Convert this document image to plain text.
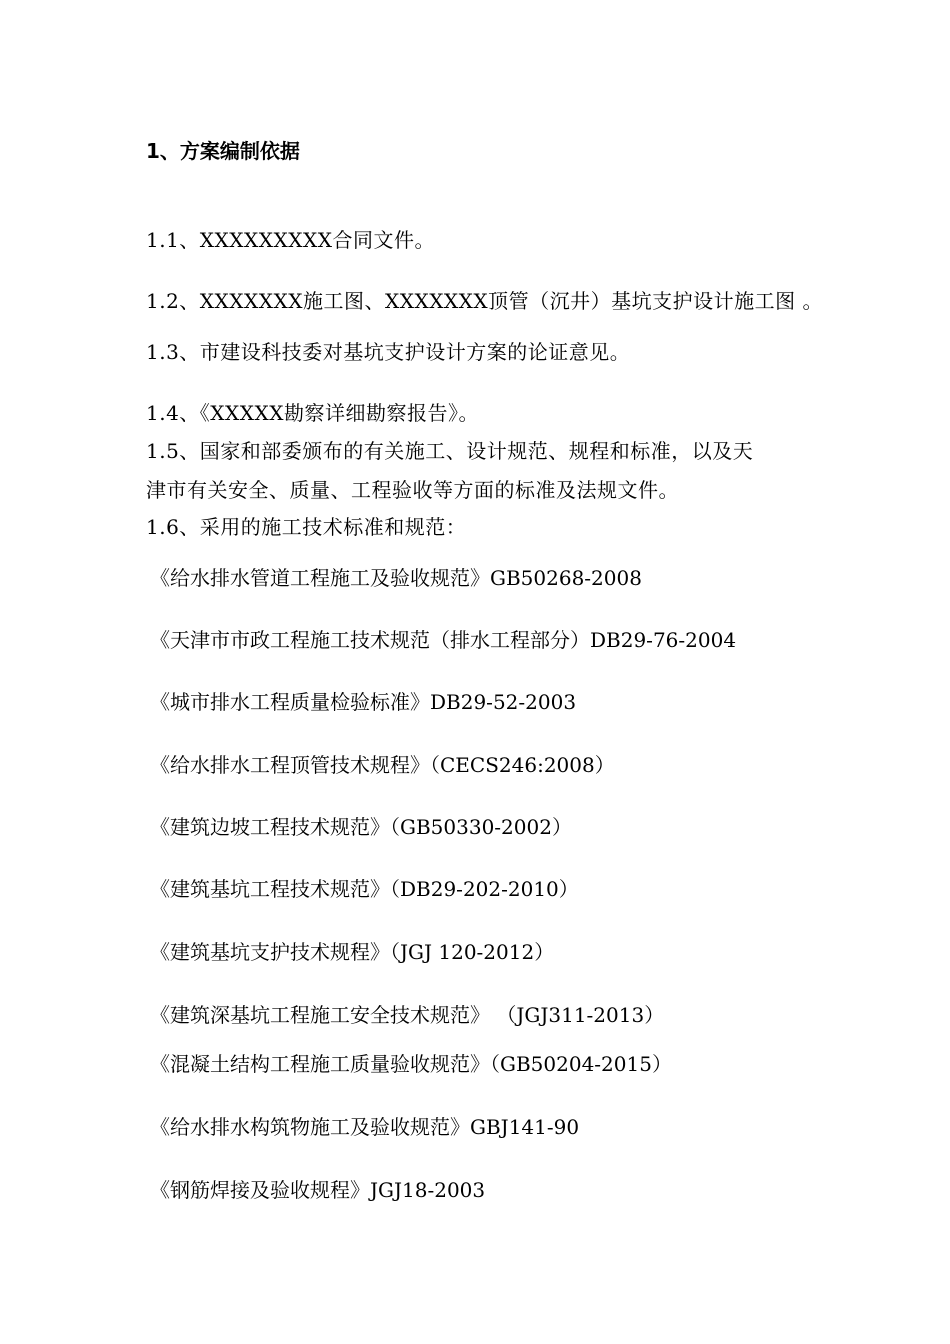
1、方案编制依据
1.1、XXXXXXXXX合同文件。
1.2、XXXXXXX施工图、XXXXXXX顶管（沉井）基坑支护设计施工图 。
1.3、市建设科技委对基坑支护设计方案的论证意见。
1.4、《XXXXX勘察详细勘察报告》。
1.5、国家和部委颁布的有关施工、设计规范、规程和标准，以及天
津市有关安全、质量、工程验收等方面的标准及法规文件。
1.6、采用的施工技术标准和规范：
《给水排水管道工程施工及验收规范》GB50268-2008
《天津市市政工程施工技术规范（排水工程部分）DB29-76-2004
《城市排水工程质量检验标准》DB29-52-2003
《给水排水工程顶管技术规程》（CECS246:2008）
《建筑边坡工程技术规范》（GB50330-2002）
《建筑基坑工程技术规范》（DB29-202-2010）
《建筑基坑支护技术规程》（JGJ 120-2012）
《建筑深基坑工程施工安全技术规范》 （JGJ311-2013）
《混凝土结构工程施工质量验收规范》（GB50204-2015）
《给水排水构筑物施工及验收规范》GBJ141-90
《钢筋焊接及验收规程》JGJ18-2003
